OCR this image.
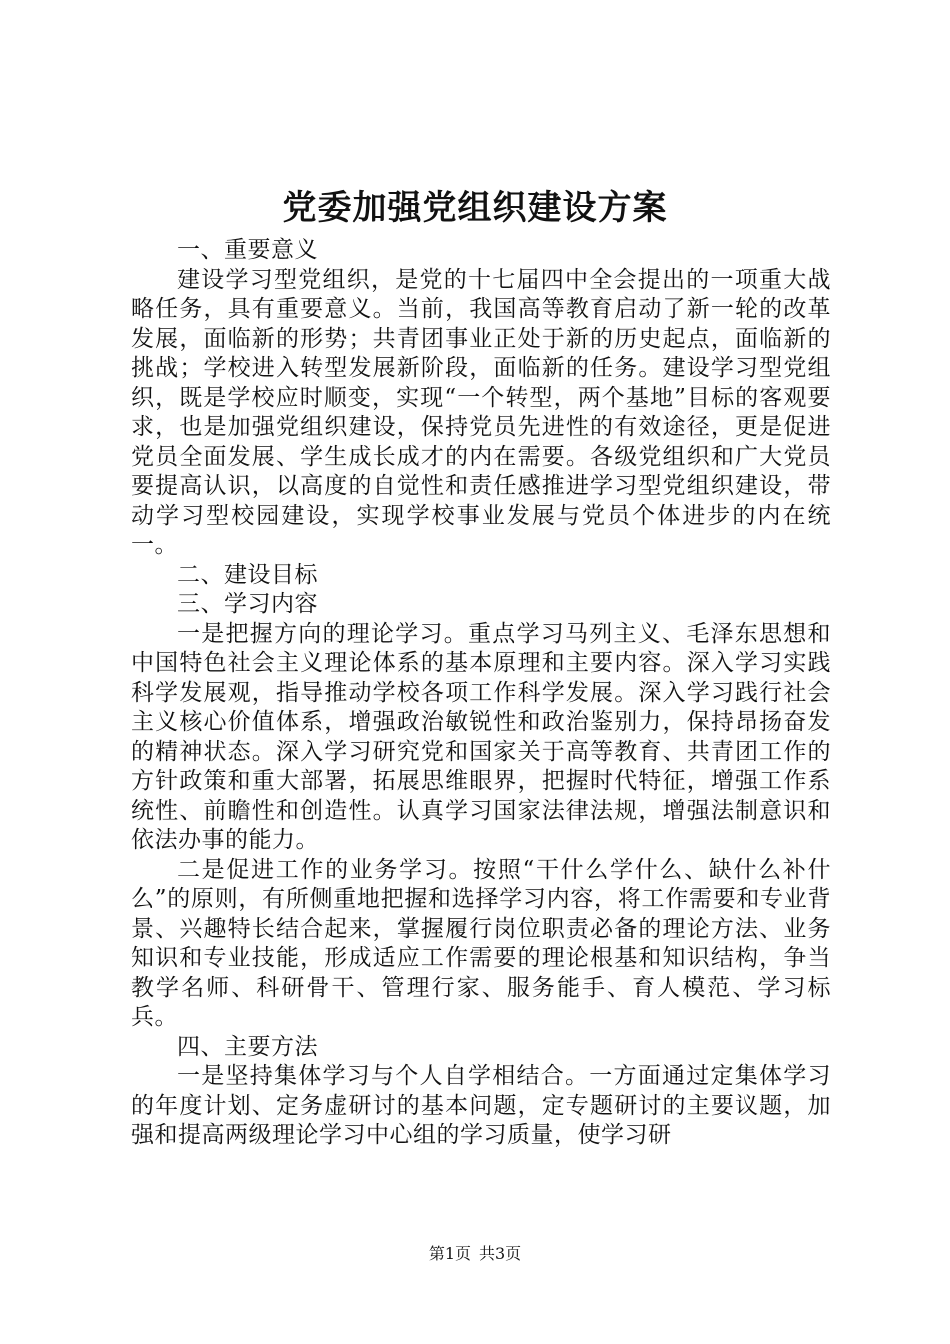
党委加强党组织建设方案

一、重要意义

建设学习型党组织，是党的十七届四中全会提出的一项重大战略任务，具有重要意义。当前，我国高等教育启动了新一轮的改革发展，面临新的形势；共青团事业正处于新的历史起点，面临新的挑战；学校进入转型发展新阶段，面临新的任务。建设学习型党组织，既是学校应时顺变，实现“一个转型，两个基地”目标的客观要求，也是加强党组织建设，保持党员先进性的有效途径，更是促进党员全面发展、学生成长成才的内在需要。各级党组织和广大党员要提高认识，以高度的自觉性和责任感推进学习型党组织建设，带动学习型校园建设，实现学校事业发展与党员个体进步的内在统一。

二、建设目标

三、学习内容

一是把握方向的理论学习。重点学习马列主义、毛泽东思想和中国特色社会主义理论体系的基本原理和主要内容。深入学习实践科学发展观，指导推动学校各项工作科学发展。深入学习践行社会主义核心价值体系，增强政治敏锐性和政治鉴别力，保持昂扬奋发的精神状态。深入学习研究党和国家关于高等教育、共青团工作的方针政策和重大部署，拓展思维眼界，把握时代特征，增强工作系统性、前瞻性和创造性。认真学习国家法律法规，增强法制意识和依法办事的能力。

二是促进工作的业务学习。按照“干什么学什么、缺什么补什么”的原则，有所侧重地把握和选择学习内容，将工作需要和专业背景、兴趣特长结合起来，掌握履行岗位职责必备的理论方法、业务知识和专业技能，形成适应工作需要的理论根基和知识结构，争当教学名师、科研骨干、管理行家、服务能手、育人模范、学习标兵。

四、主要方法

一是坚持集体学习与个人自学相结合。一方面通过定集体学习的年度计划、定务虚研讨的基本问题，定专题研讨的主要议题，加强和提高两级理论学习中心组的学习质量，使学习研

第1页 共3页
